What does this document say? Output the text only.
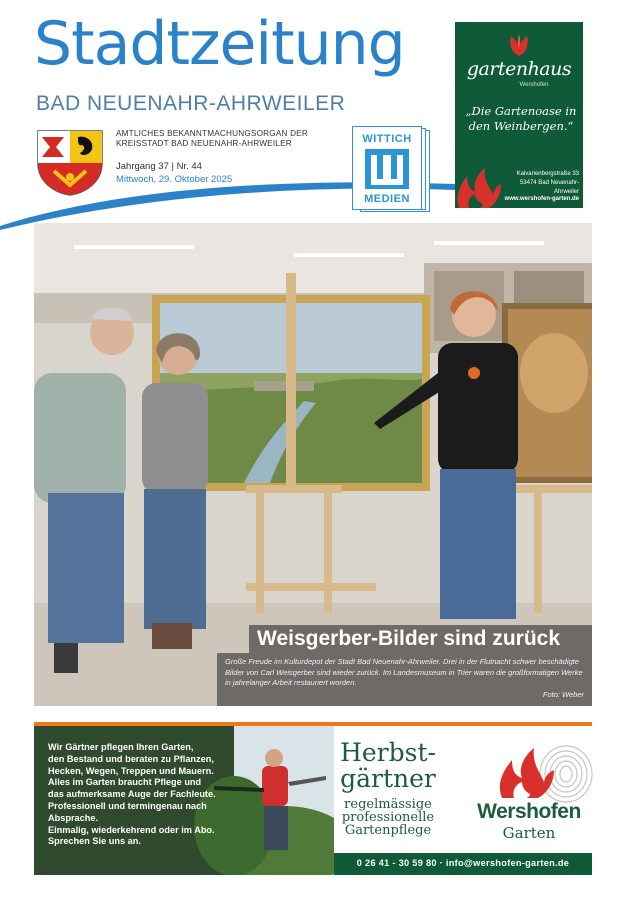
Stadtzeitung
BAD NEUENAHR-AHRWEILER
AMTLICHES BEKANNTMACHUNGSORGAN DER
KREISSTADT BAD NEUENAHR-AHRWEILER
Jahrgang 37 | Nr. 44
Mittwoch, 29. Oktober 2025
WITTICH
MEDIEN
gartenhaus
Wershofen
„Die Gartenoase in
den Weinbergen.“
Kalvarienbergstraße 33
53474 Bad Neuenahr-Ahrweiler
www.wershofen-garten.de
Weisgerber-Bilder sind zurück
Große Freude im Kulturdepot der Stadt Bad Neuenahr-Ahrweiler. Drei in der Flutnacht schwer beschädigte Bilder von Carl Weisgerber sind wieder zurück. Im Landesmuseum in Trier waren die großformatigen Werke in jahrelanger Arbeit restauriert worden.
Foto: Weber
Wir Gärtner pflegen Ihren Garten,
den Bestand und beraten zu Pflanzen,
Hecken, Wegen, Treppen und Mauern.
Alles im Garten braucht Pflege und
das aufmerksame Auge der Fachleute.
Professionell und termingenau nach
Absprache.
Einmalig, wiederkehrend oder im Abo.
Sprechen Sie uns an.
Herbst-
gärtner
regelmässige
professionelle
Gartenpflege
Wershofen
Garten
0 26 41 - 30 59 80 · info@wershofen-garten.de
